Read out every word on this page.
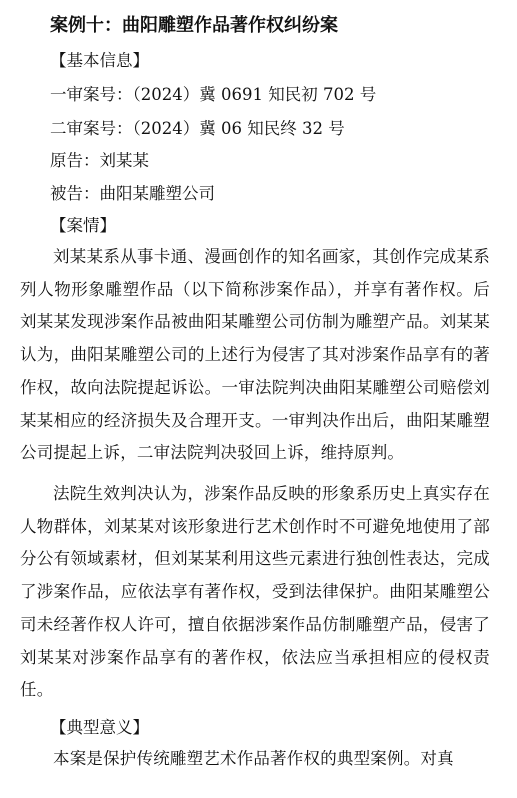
案例十：曲阳雕塑作品著作权纠纷案
【基本信息】
一审案号：（2024）冀 0691 知民初 702 号
二审案号：（2024）冀 06 知民终 32 号
原告：刘某某
被告：曲阳某雕塑公司
【案情】
刘某某系从事卡通、漫画创作的知名画家，其创作完成某系列人物形象雕塑作品（以下简称涉案作品），并享有著作权。后刘某某发现涉案作品被曲阳某雕塑公司仿制为雕塑产品。刘某某认为，曲阳某雕塑公司的上述行为侵害了其对涉案作品享有的著作权，故向法院提起诉讼。一审法院判决曲阳某雕塑公司赔偿刘某某相应的经济损失及合理开支。一审判决作出后，曲阳某雕塑公司提起上诉，二审法院判决驳回上诉，维持原判。
法院生效判决认为，涉案作品反映的形象系历史上真实存在人物群体，刘某某对该形象进行艺术创作时不可避免地使用了部分公有领域素材，但刘某某利用这些元素进行独创性表达，完成了涉案作品，应依法享有著作权，受到法律保护。曲阳某雕塑公司未经著作权人许可，擅自依据涉案作品仿制雕塑产品，侵害了刘某某对涉案作品享有的著作权，依法应当承担相应的侵权责任。
【典型意义】
本案是保护传统雕塑艺术作品著作权的典型案例。对真
